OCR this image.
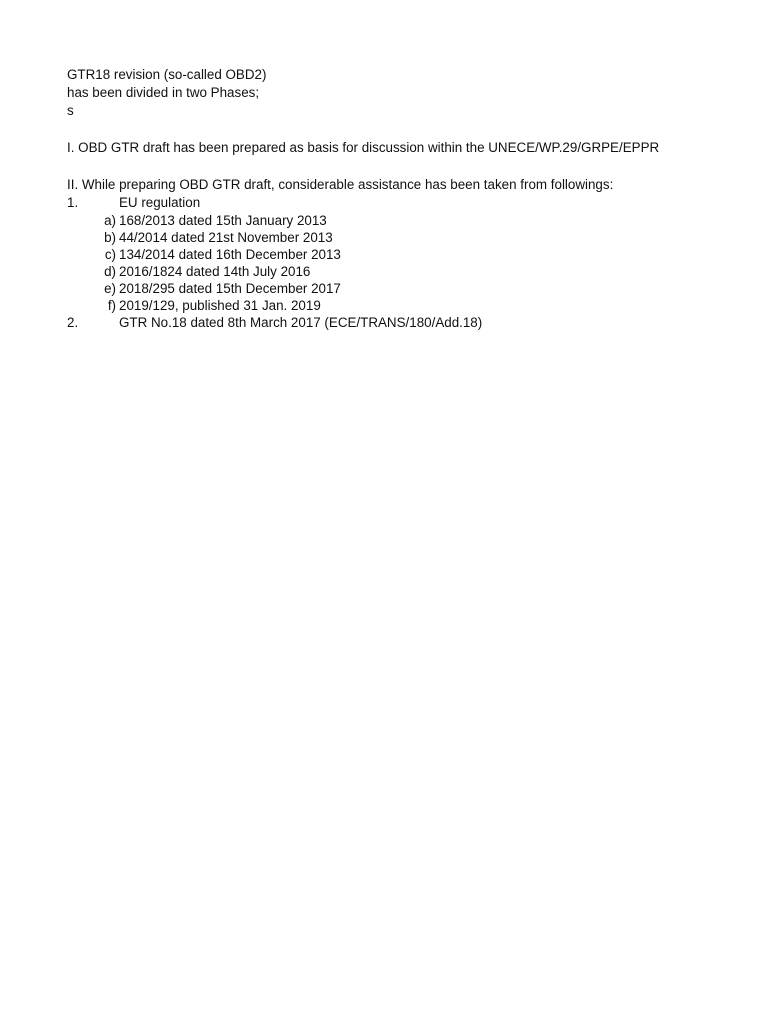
GTR18 revision (so-called OBD2)
has been divided in two Phases;
s
I. OBD GTR draft has been prepared as basis for discussion within the UNECE/WP.29/GRPE/EPPR
II. While preparing OBD GTR draft, considerable assistance has been taken from followings:
1.	EU regulation
a) 168/2013 dated 15th January 2013
b) 44/2014 dated 21st November 2013
c) 134/2014 dated 16th December 2013
d) 2016/1824 dated 14th July 2016
e) 2018/295 dated 15th December 2017
f) 2019/129, published 31 Jan. 2019
2.	GTR No.18 dated 8th March 2017 (ECE/TRANS/180/Add.18)
